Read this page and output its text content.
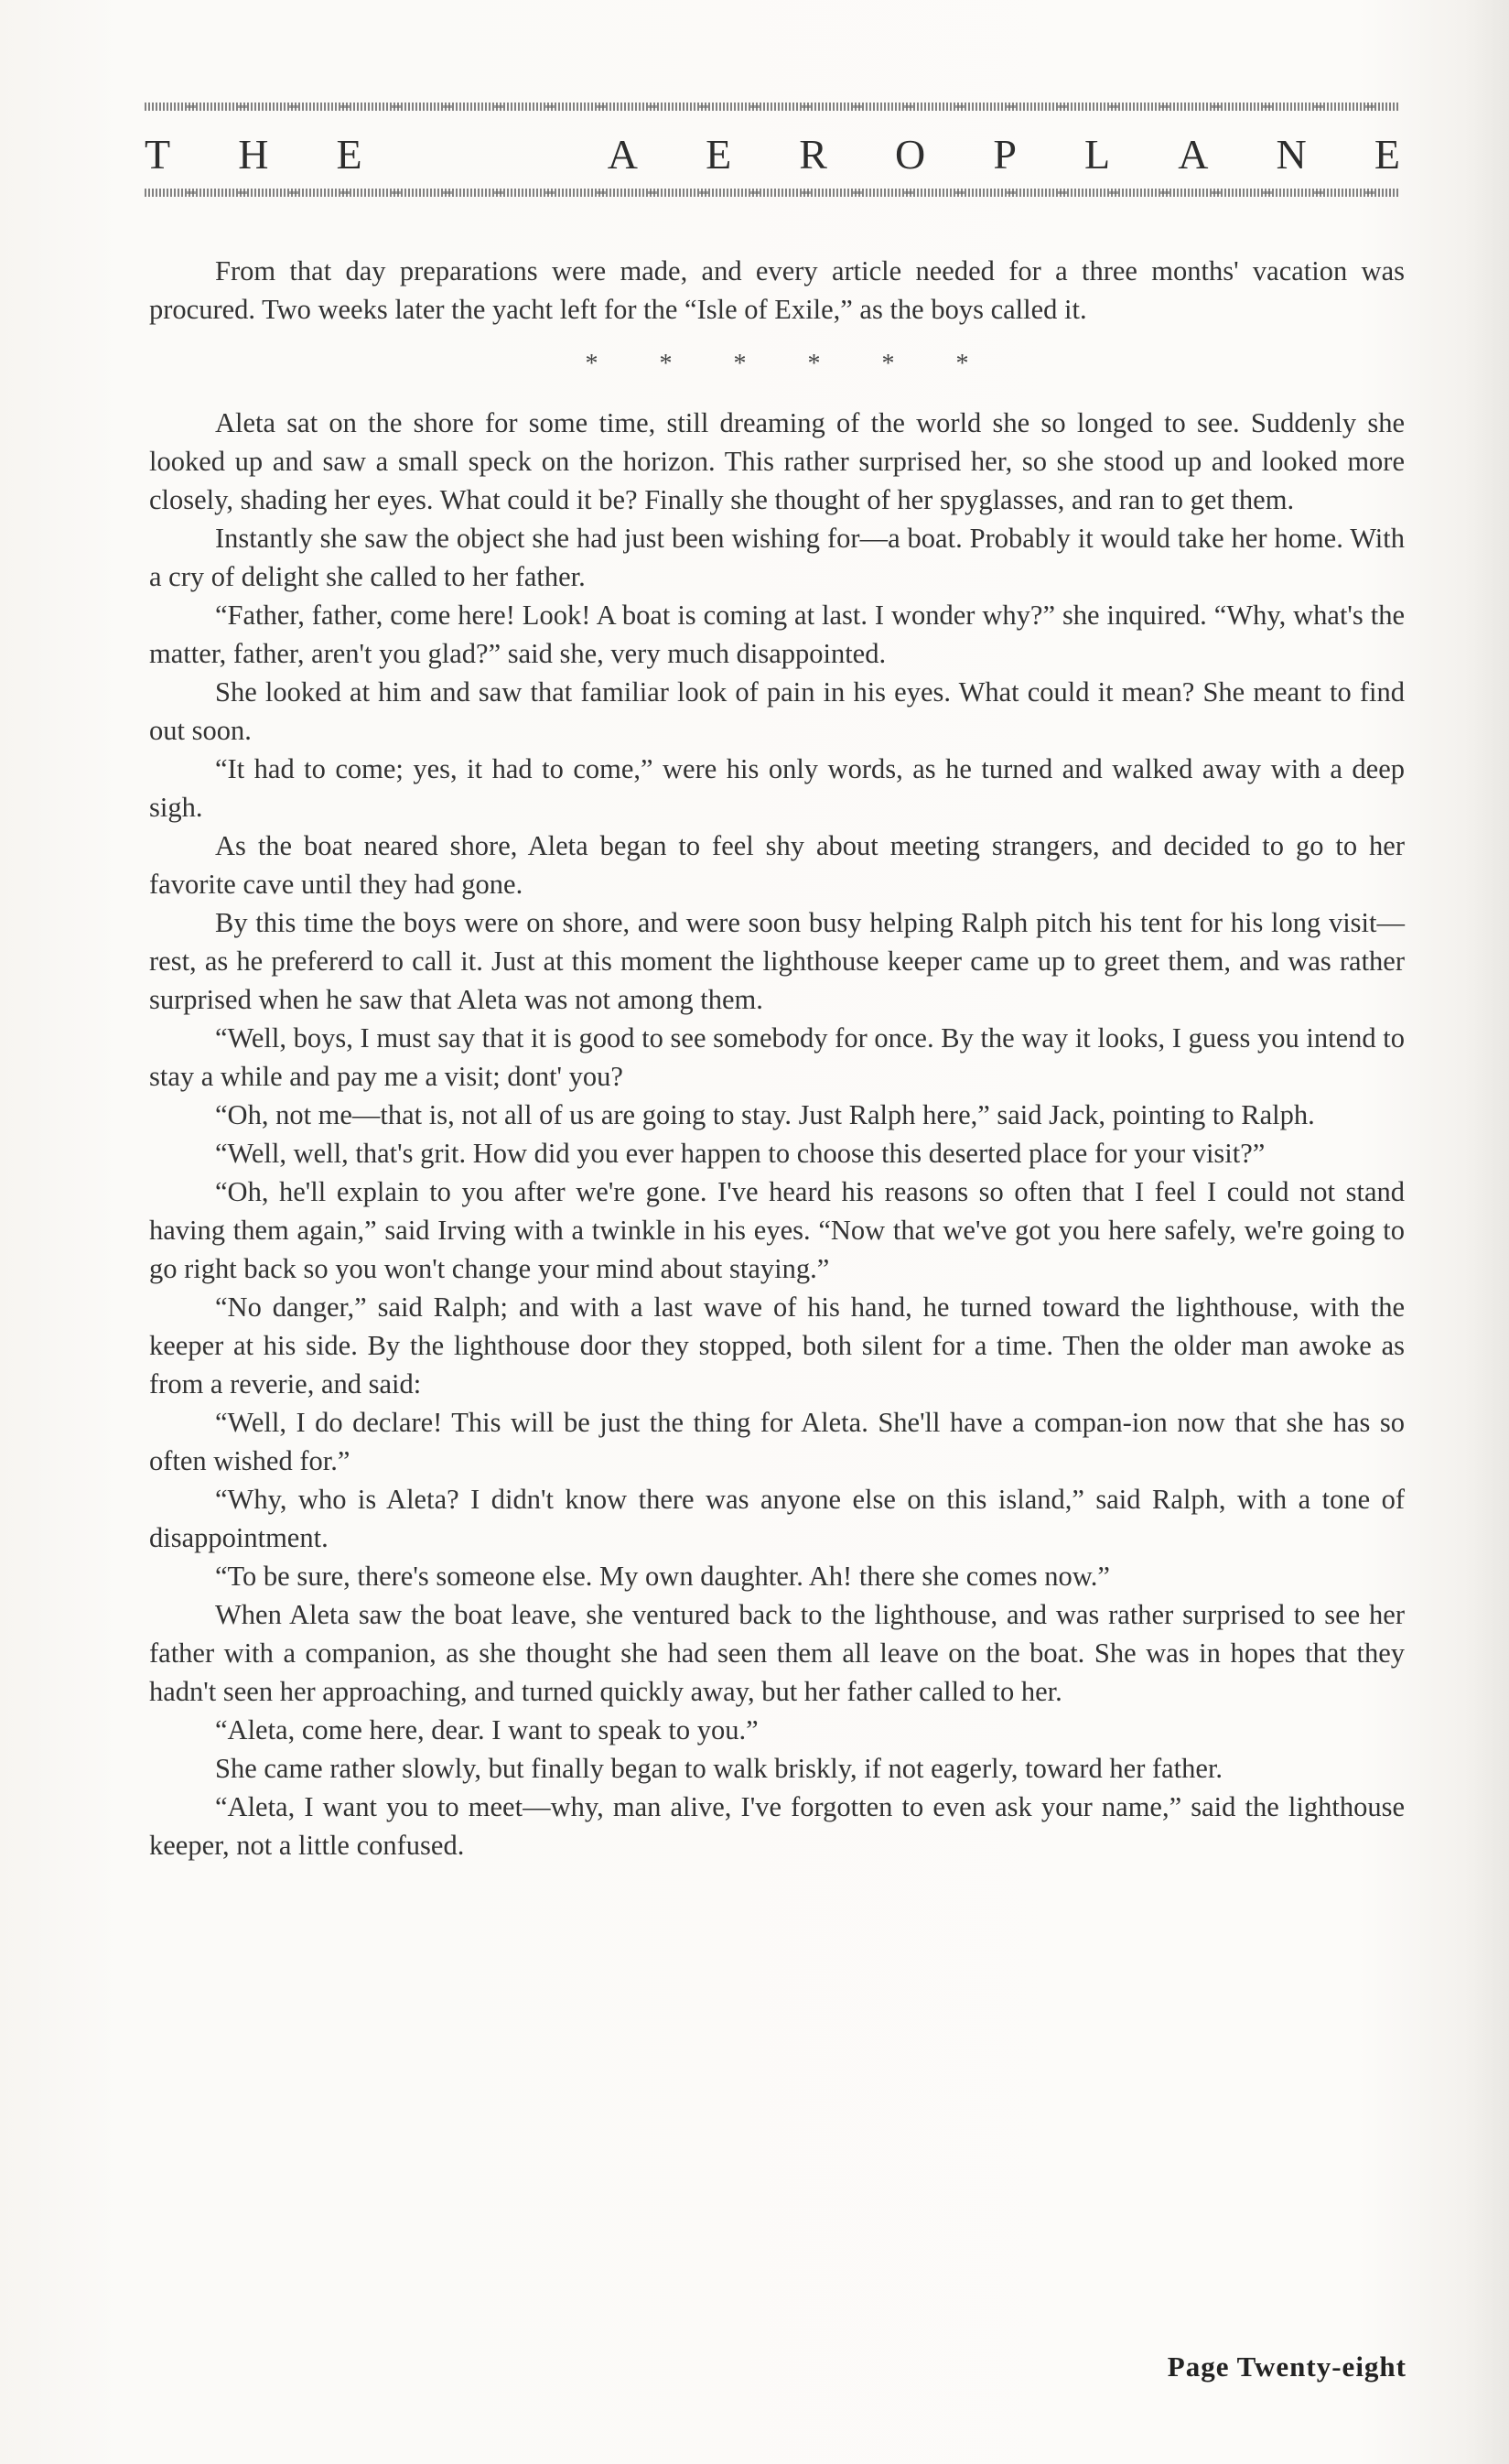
T H E	A E R O P L A N E

From that day preparations were made, and every article needed for a three months' vacation was procured. Two weeks later the yacht left for the “Isle of Exile,” as the boys called it.

* * * * * *

Aleta sat on the shore for some time, still dreaming of the world she so longed to see. Suddenly she looked up and saw a small speck on the horizon. This rather surprised her, so she stood up and looked more closely, shading her eyes. What could it be? Finally she thought of her spyglasses, and ran to get them.

Instantly she saw the object she had just been wishing for—a boat. Probably it would take her home. With a cry of delight she called to her father.

“Father, father, come here! Look! A boat is coming at last. I wonder why?” she inquired. “Why, what's the matter, father, aren't you glad?” said she, very much disappointed.

She looked at him and saw that familiar look of pain in his eyes. What could it mean? She meant to find out soon.

“It had to come; yes, it had to come,” were his only words, as he turned and walked away with a deep sigh.

As the boat neared shore, Aleta began to feel shy about meeting strangers, and decided to go to her favorite cave until they had gone.

By this time the boys were on shore, and were soon busy helping Ralph pitch his tent for his long visit—rest, as he prefererd to call it. Just at this moment the lighthouse keeper came up to greet them, and was rather surprised when he saw that Aleta was not among them.

“Well, boys, I must say that it is good to see somebody for once. By the way it looks, I guess you intend to stay a while and pay me a visit; dont' you?

“Oh, not me—that is, not all of us are going to stay. Just Ralph here,” said Jack, pointing to Ralph.

“Well, well, that's grit. How did you ever happen to choose this deserted place for your visit?”

“Oh, he'll explain to you after we're gone. I've heard his reasons so often that I feel I could not stand having them again,” said Irving with a twinkle in his eyes. “Now that we've got you here safely, we're going to go right back so you won't change your mind about staying.”

“No danger,” said Ralph; and with a last wave of his hand, he turned toward the lighthouse, with the keeper at his side. By the lighthouse door they stopped, both silent for a time. Then the older man awoke as from a reverie, and said:

“Well, I do declare! This will be just the thing for Aleta. She'll have a compan-ion now that she has so often wished for.”

“Why, who is Aleta? I didn't know there was anyone else on this island,” said Ralph, with a tone of disappointment.

“To be sure, there's someone else. My own daughter. Ah! there she comes now.”

When Aleta saw the boat leave, she ventured back to the lighthouse, and was rather surprised to see her father with a companion, as she thought she had seen them all leave on the boat. She was in hopes that they hadn't seen her approaching, and turned quickly away, but her father called to her.

“Aleta, come here, dear. I want to speak to you.”

She came rather slowly, but finally began to walk briskly, if not eagerly, toward her father.

“Aleta, I want you to meet—why, man alive, I've forgotten to even ask your name,” said the lighthouse keeper, not a little confused.

Page Twenty-eight
